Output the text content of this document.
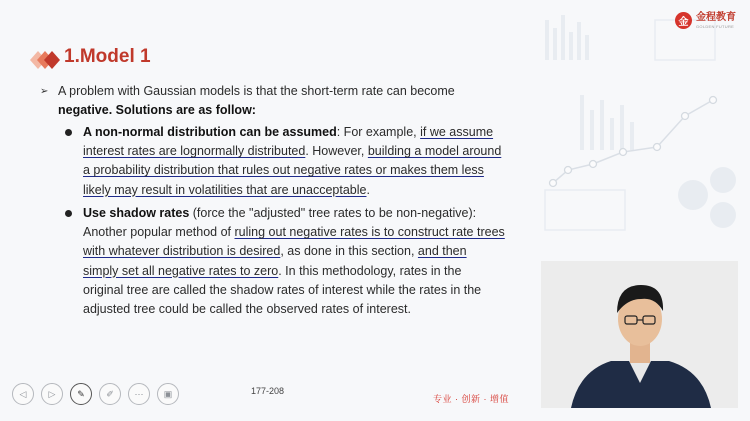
金 金程教育
GOLDEN FUTURE
1.Model 1
➢ A problem with Gaussian models is that the short-term rate can become negative. Solutions are as follow:
A non-normal distribution can be assumed: For example, if we assume interest rates are lognormally distributed. However, building a model around a probability distribution that rules out negative rates or makes them less likely may result in volatilities that are unacceptable.
Use shadow rates (force the "adjusted" tree rates to be non-negative): Another popular method of ruling out negative rates is to construct rate trees with whatever distribution is desired, as done in this section, and then simply set all negative rates to zero. In this methodology, rates in the original tree are called the shadow rates of interest while the rates in the adjusted tree could be called the observed rates of interest.
◁	▷	✎	✐	⋯	▣	177-208
专业 · 创新 · 增值
